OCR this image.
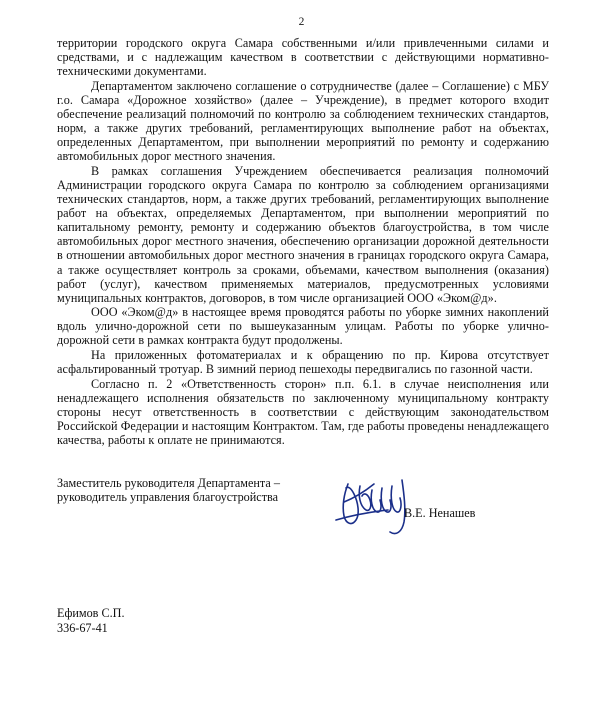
2

территории городского округа Самара собственными и/или привлеченными силами и средствами, и с надлежащим качеством в соответствии с действующими нормативно-техническими документами.

Департаментом заключено соглашение о сотрудничестве (далее – Соглашение) с МБУ г.о. Самара «Дорожное хозяйство» (далее – Учреждение), в предмет которого входит обеспечение реализаций полномочий по контролю за соблюдением технических стандартов, норм, а также других требований, регламентирующих выполнение работ на объектах, определенных Департаментом, при выполнении мероприятий по ремонту и содержанию автомобильных дорог местного значения.

В рамках соглашения Учреждением обеспечивается реализация полномочий Администрации городского округа Самара по контролю за соблюдением организациями технических стандартов, норм, а также других требований, регламентирующих выполнение работ на объектах, определяемых Департаментом, при выполнении мероприятий по капитальному ремонту, ремонту и содержанию объектов благоустройства, в том числе автомобильных дорог местного значения, обеспечению организации дорожной деятельности в отношении автомобильных дорог местного значения в границах городского округа Самара, а также осуществляет контроль за сроками, объемами, качеством выполнения (оказания) работ (услуг), качеством применяемых материалов, предусмотренных условиями муниципальных контрактов, договоров, в том числе организацией ООО «Эком@д».

ООО «Эком@д» в настоящее время проводятся работы по уборке зимних накоплений вдоль улично-дорожной сети по вышеуказанным улицам. Работы по уборке улично-дорожной сети в рамках контракта будут продолжены.

На приложенных фотоматериалах и к обращению по пр. Кирова отсутствует асфальтированный тротуар. В зимний период пешеходы передвигались по газонной части.

Согласно п. 2 «Ответственность сторон» п.п. 6.1. в случае неисполнения или ненадлежащего исполнения обязательств по заключенному муниципальному контракту стороны несут ответственность в соответствии с действующим законодательством Российской Федерации и настоящим Контрактом. Там, где работы проведены ненадлежащего качества, работы к оплате не принимаются.

Заместитель руководителя Департамента –
руководитель управления благоустройства
В.Е. Ненашев
Ефимов С.П.
336-67-41
